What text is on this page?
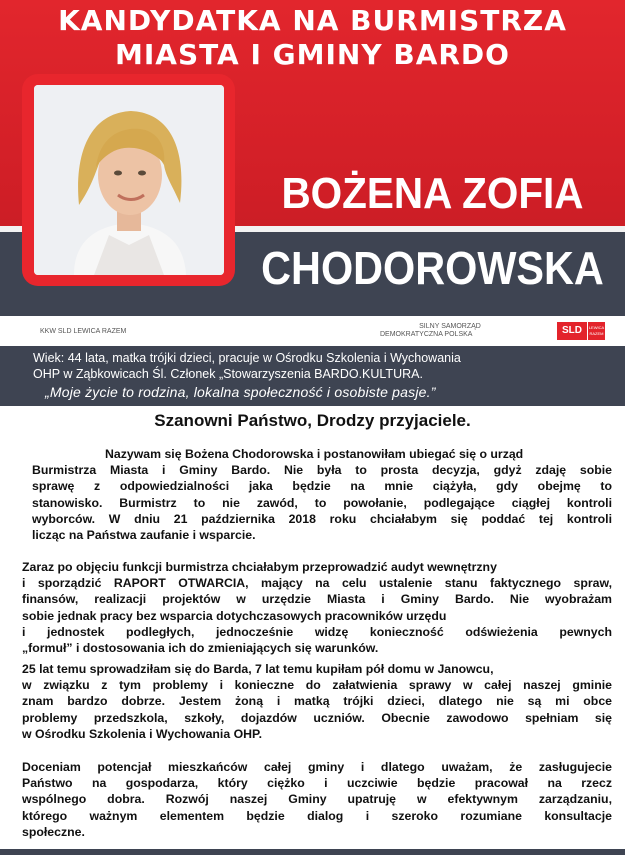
KANDYDATKA NA BURMISTRZA
MIASTA I GMINY BARDO
BOŻENA ZOFIA
CHODOROWSKA
KKW SLD LEWICA RAZEM
SILNY SAMORZĄD
DEMOKRATYCZNA POLSKA	SLD	LEWICA RAZEM
Wiek: 44 lata, matka trójki dzieci, pracuje w Ośrodku Szkolenia i Wychowania
OHP w Ząbkowicach Śl. Członek „Stowarzyszenia BARDO.KULTURA.
„Moje życie to rodzina, lokalna społeczność i osobiste pasje.”
Szanowni Państwo, Drodzy przyjaciele.
Nazywam się Bożena Chodorowska i postanowiłam ubiegać się o urząd
Burmistrza Miasta i Gminy Bardo. Nie była to prosta decyzja, gdyż zdaję sobie
sprawę z odpowiedzialności jaka będzie na mnie ciążyła, gdy obejmę to
stanowisko. Burmistrz to nie zawód, to powołanie, podlegające ciągłej kontroli
wyborców. W dniu 21 października 2018 roku chciałabym się poddać tej kontroli
licząc na Państwa zaufanie i wsparcie.
Zaraz po objęciu funkcji burmistrza chciałabym przeprowadzić audyt wewnętrzny
i sporządzić RAPORT OTWARCIA, mający na celu ustalenie stanu faktycznego spraw,
finansów, realizacji projektów w urzędzie Miasta i Gminy Bardo. Nie wyobrażam
sobie jednak pracy bez wsparcia dotychczasowych pracowników urzędu
i jednostek podległych, jednocześnie widzę konieczność odświeżenia pewnych
„formuł” i dostosowania ich do zmieniających się warunków.
25 lat temu sprowadziłam się do Barda, 7 lat temu kupiłam pół domu w Janowcu,
w związku z tym problemy i konieczne do załatwienia sprawy w całej naszej gminie
znam bardzo dobrze. Jestem żoną i matką trójki dzieci, dlatego nie są mi obce
problemy przedszkola, szkoły, dojazdów uczniów. Obecnie zawodowo spełniam się
w Ośrodku Szkolenia i Wychowania OHP.
Doceniam potencjał mieszkańców całej gminy i dlatego uważam, że zasługujecie
Państwo na gospodarza, który ciężko i uczciwie będzie pracował na rzecz
wspólnego dobra. Rozwój naszej Gminy upatruję w efektywnym zarządzaniu,
którego ważnym elementem będzie dialog i szeroko rozumiane konsultacje
społeczne.
